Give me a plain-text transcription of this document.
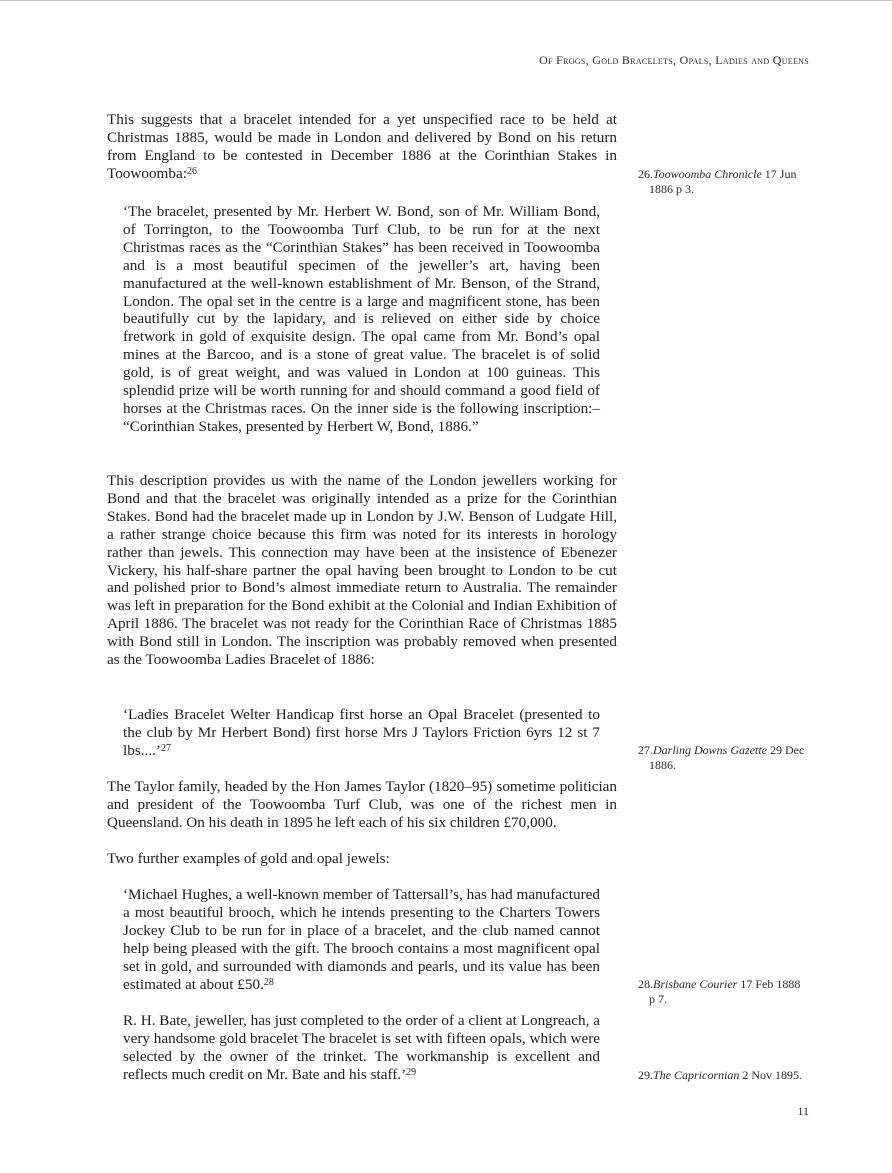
Of Frogs, Gold Bracelets, Opals, Ladies and Queens

This suggests that a bracelet intended for a yet unspecified race to be held at Christmas 1885, would be made in London and delivered by Bond on his return from England to be contested in December 1886 at the Corinthian Stakes in Toowoomba:$^{26}$

‘The bracelet, presented by Mr. Herbert W. Bond, son of Mr. William Bond, of Torrington, to the Toowoomba Turf Club, to be run for at the next Christmas races as the “Corinthian Stakes” has been received in Toowoomba and is a most beautiful specimen of the jeweller’s art, having been manufactured at the well-known establishment of Mr. Benson, of the Strand, London. The opal set in the centre is a large and magnificent stone, has been beautifully cut by the lapidary, and is relieved on either side by choice fretwork in gold of exquisite design. The opal came from Mr. Bond’s opal mines at the Barcoo, and is a stone of great value. The bracelet is of solid gold, is of great weight, and was valued in London at 100 guineas. This splendid prize will be worth running for and should command a good field of horses at the Christmas races. On the inner side is the following inscription:– “Corinthian Stakes, presented by Herbert W, Bond, 1886.”

This description provides us with the name of the London jewellers working for Bond and that the bracelet was originally intended as a prize for the Corinthian Stakes. Bond had the bracelet made up in London by J.W. Benson of Ludgate Hill, a rather strange choice because this firm was noted for its interests in horology rather than jewels. This connection may have been at the insistence of Ebenezer Vickery, his half-share partner the opal having been brought to London to be cut and polished prior to Bond’s almost immediate return to Australia. The remainder was left in preparation for the Bond exhibit at the Colonial and Indian Exhibition of April 1886. The bracelet was not ready for the Corinthian Race of Christmas 1885 with Bond still in London. The inscription was probably removed when presented as the Toowoomba Ladies Bracelet of 1886:

‘Ladies Bracelet Welter Handicap first horse an Opal Bracelet (presented to the club by Mr Herbert Bond) first horse Mrs J Taylors Friction 6yrs 12 st 7 lbs....’$^{27}$

The Taylor family, headed by the Hon James Taylor (1820–95) sometime politician and president of the Toowoomba Turf Club, was one of the richest men in Queensland. On his death in 1895 he left each of his six children £70,000.

Two further examples of gold and opal jewels:

‘Michael Hughes, a well-known member of Tattersall’s, has had manufactured a most beautiful brooch, which he intends presenting to the Charters Towers Jockey Club to be run for in place of a bracelet, and the club named cannot help being pleased with the gift. The brooch contains a most magnificent opal set in gold, and surrounded with diamonds and pearls, und its value has been estimated at about £50.28

R. H. Bate, jeweller, has just completed to the order of a client at Longreach, a very handsome gold bracelet The bracelet is set with fifteen opals, which were selected by the owner of the trinket. The workmanship is excellent and reflects much credit on Mr. Bate and his staff.’$^{29}$

26.Toowoomba Chronicle 17 Jun
1886 p 3.
27.Darling Downs Gazette 29 Dec
1886.
28.Brisbane Courier 17 Feb 1888
p 7.
29.The Capricornian 2 Nov 1895.
11
